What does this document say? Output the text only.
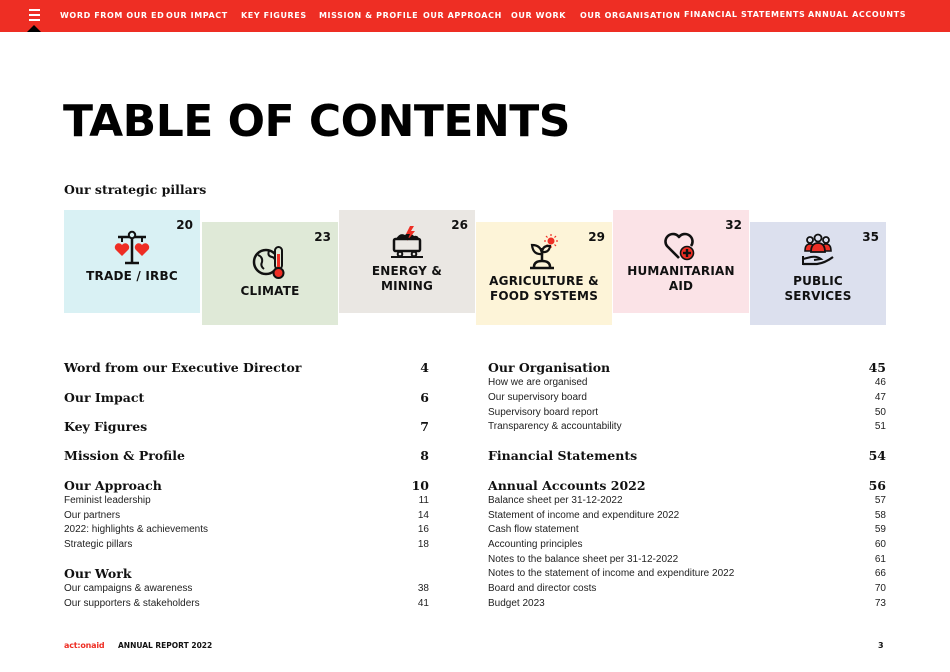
WORD FROM OUR ED OUR IMPACT KEY FIGURES MISSION & PROFILE OUR APPROACH OUR WORK OUR ORGANISATION FINANCIAL STATEMENTS ANNUAL ACCOUNTS
TABLE OF CONTENTS
Our strategic pillars
20
TRADE / IRBC
23
CLIMATE
26
ENERGY &
MINING
29
AGRICULTURE &
FOOD SYSTEMS
32
HUMANITARIAN
AID
35
PUBLIC
SERVICES
Word from our Executive Director	4
Our Impact	6
Key Figures	7
Mission & Profile	8
Our Approach	10
Feminist leadership	11
Our partners	14
2022: highlights & achievements	16
Strategic pillars	18
Our Work
Our campaigns & awareness	38
Our supporters & stakeholders	41
Our Organisation	45
How we are organised	46
Our supervisory board	47
Supervisory board report	50
Transparency & accountability	51
Financial Statements	54
Annual Accounts 2022	56
Balance sheet per 31-12-2022	57
Statement of income and expenditure 2022	58
Cash flow statement	59
Accounting principles	60
Notes to the balance sheet per 31-12-2022	61
Notes to the statement of income and expenditure 2022	66
Board and director costs	70
Budget 2023	73
act:onaid ANNUAL REPORT 2022	3
